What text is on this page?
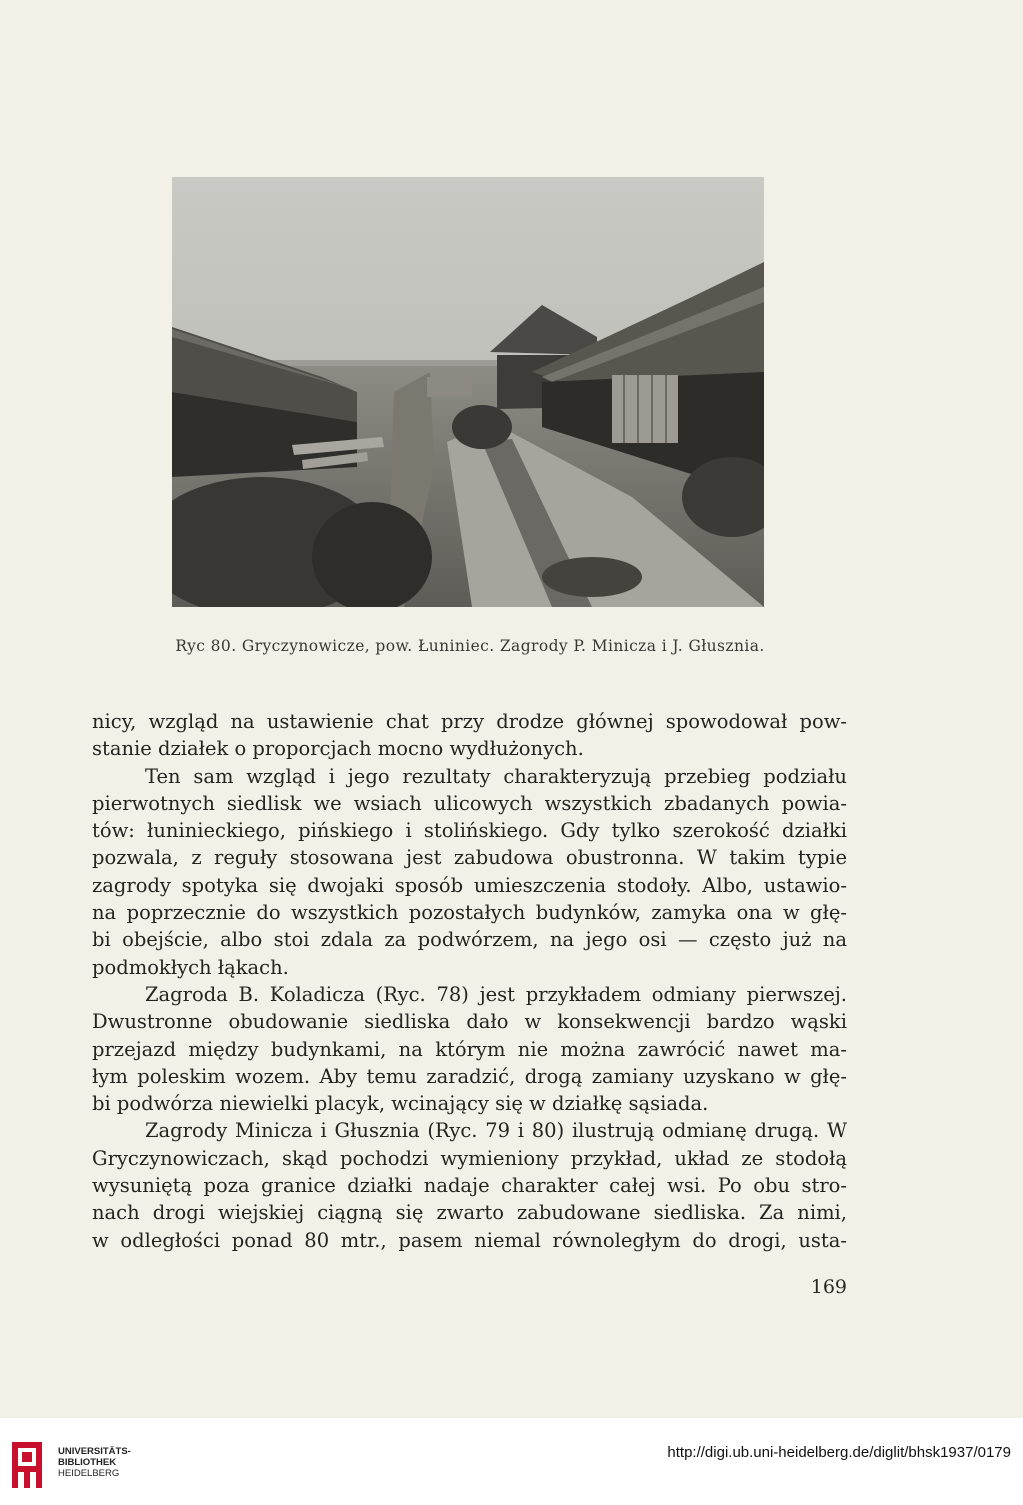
Ryc 80. Gryczynowicze, pow. Łuniniec. Zagrody P. Minicza i J. Głusznia.
nicy, wzgląd na ustawienie chat przy drodze głównej spowodował pow-
stanie działek o proporcjach mocno wydłużonych.
Ten sam wzgląd i jego rezultaty charakteryzują przebieg podziału
pierwotnych siedlisk we wsiach ulicowych wszystkich zbadanych powia-
tów: łuninieckiego, pińskiego i stolińskiego. Gdy tylko szerokość działki
pozwala, z reguły stosowana jest zabudowa obustronna. W takim typie
zagrody spotyka się dwojaki sposób umieszczenia stodoły. Albo, ustawio-
na poprzecznie do wszystkich pozostałych budynków, zamyka ona w głę-
bi obejście, albo stoi zdala za podwórzem, na jego osi — często już na
podmokłych łąkach.
Zagroda B. Koladicza (Ryc. 78) jest przykładem odmiany pierwszej.
Dwustronne obudowanie siedliska dało w konsekwencji bardzo wąski
przejazd między budynkami, na którym nie można zawrócić nawet ma-
łym poleskim wozem. Aby temu zaradzić, drogą zamiany uzyskano w głę-
bi podwórza niewielki placyk, wcinający się w działkę sąsiada.
Zagrody Minicza i Głusznia (Ryc. 79 i 80) ilustrują odmianę drugą. W
Gryczynowiczach, skąd pochodzi wymieniony przykład, układ ze stodołą
wysuniętą poza granice działki nadaje charakter całej wsi. Po obu stro-
nach drogi wiejskiej ciągną się zwarto zabudowane siedliska. Za nimi,
w odległości ponad 80 mtr., pasem niemal równoległym do drogi, usta-
169
UNIVERSITÄTS-
BIBLIOTHEK
HEIDELBERG
http://digi.ub.uni-heidelberg.de/diglit/bhsk1937/0179
